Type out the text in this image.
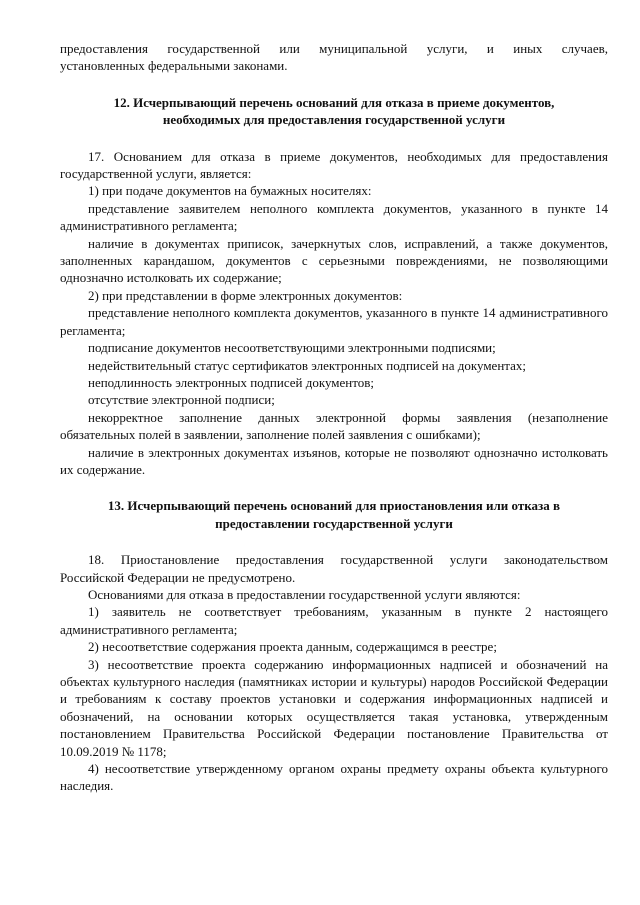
предоставления государственной или муниципальной услуги, и иных случаев,

установленных федеральными законами.

12. Исчерпывающий перечень оснований для отказа в приеме документов, необходимых для предоставления государственной услуги

17. Основанием для отказа в приеме документов, необходимых для предоставления государственной услуги, является:

1) при подаче документов на бумажных носителях:

представление заявителем неполного комплекта документов, указанного в пункте 14 административного регламента;

наличие в документах приписок, зачеркнутых слов, исправлений, а также документов, заполненных карандашом, документов с серьезными повреждениями, не позволяющими однозначно истолковать их содержание;

2) при представлении в форме электронных документов:

представление неполного комплекта документов, указанного в пункте 14 административного регламента;

подписание документов несоответствующими электронными подписями;

недействительный статус сертификатов электронных подписей на документах;

неподлинность электронных подписей документов;

отсутствие электронной подписи;

некорректное заполнение данных электронной формы заявления (незаполнение обязательных полей в заявлении, заполнение полей заявления с ошибками);

наличие в электронных документах изъянов, которые не позволяют однозначно истолковать их содержание.

13. Исчерпывающий перечень оснований для приостановления или отказа в предоставлении государственной услуги

18. Приостановление предоставления государственной услуги законодательством Российской Федерации не предусмотрено.

Основаниями для отказа в предоставлении государственной услуги являются:

1) заявитель не соответствует требованиям, указанным в пункте 2 настоящего административного регламента;

2) несоответствие содержания проекта данным, содержащимся в реестре;

3) несоответствие проекта содержанию информационных надписей и обозначений на объектах культурного наследия (памятниках истории и культуры) народов Российской Федерации и требованиям к составу проектов установки и содержания информационных надписей и обозначений, на основании которых осуществляется такая установка, утвержденным постановлением Правительства Российской Федерации постановление Правительства от 10.09.2019 № 1178;

4) несоответствие утвержденному органом охраны предмету охраны объекта культурного наследия.
